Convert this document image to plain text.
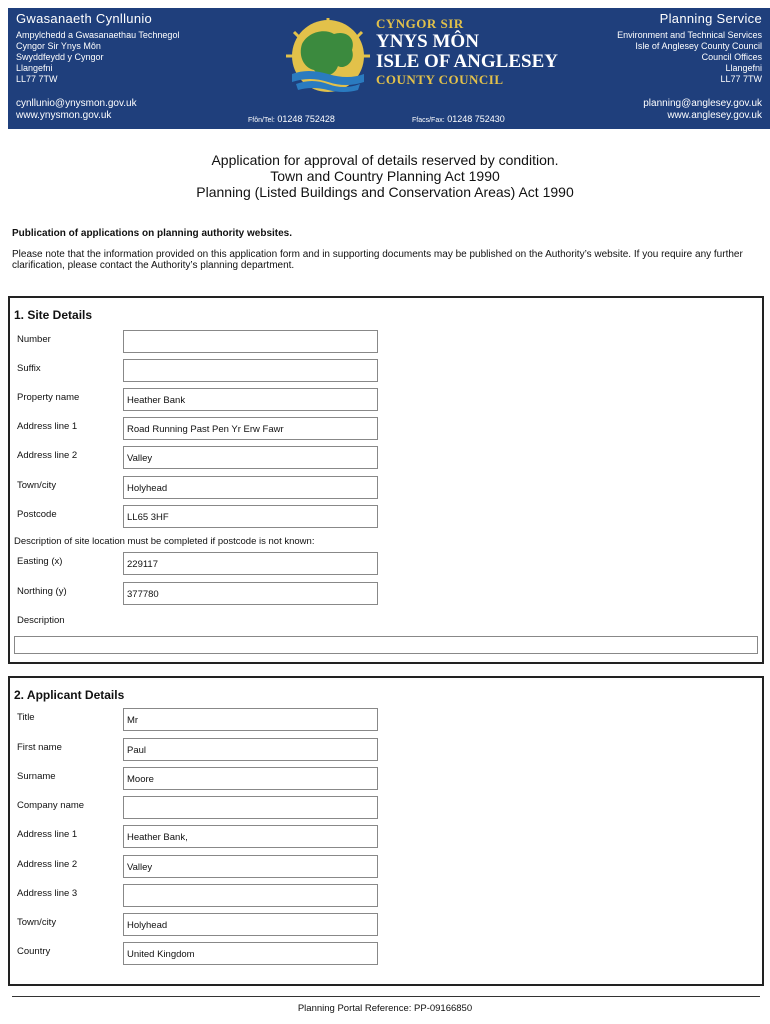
Gwasanaeth Cynllunio
Ampylchedd a Gwasanaethau Technegol
Cyngor Sir Ynys Môn
Swyddfeydd y Cyngor
Llangefni
LL77 7TW
cynllunio@ynysmon.gov.uk
www.ynysmon.gov.uk
CYNGOR SIR
YNYS MÔN
ISLE OF ANGLESEY
COUNTY COUNCIL
Ffôn/Tel: 01248 752428	Ffacs/Fax: 01248 752430
Planning Service
Environment and Technical Services
Isle of Anglesey County Council
Council Offices
Llangefni
LL77 7TW
planning@anglesey.gov.uk
www.anglesey.gov.uk
Application for approval of details reserved by condition.
Town and Country Planning Act 1990
Planning (Listed Buildings and Conservation Areas) Act 1990
Publication of applications on planning authority websites.
Please note that the information provided on this application form and in supporting documents may be published on the Authority’s website. If you require any further clarification, please contact the Authority’s planning department.
1. Site Details
Number
Suffix
Property name	Heather Bank
Address line 1	Road Running Past Pen Yr Erw Fawr
Address line 2	Valley
Town/city	Holyhead
Postcode	LL65 3HF
Description of site location must be completed if postcode is not known:
Easting (x)	229117
Northing (y)	377780
Description
2. Applicant Details
Title	Mr
First name	Paul
Surname	Moore
Company name
Address line 1	Heather Bank,
Address line 2	Valley
Address line 3
Town/city	Holyhead
Country	United Kingdom
Planning Portal Reference: PP-09166850
